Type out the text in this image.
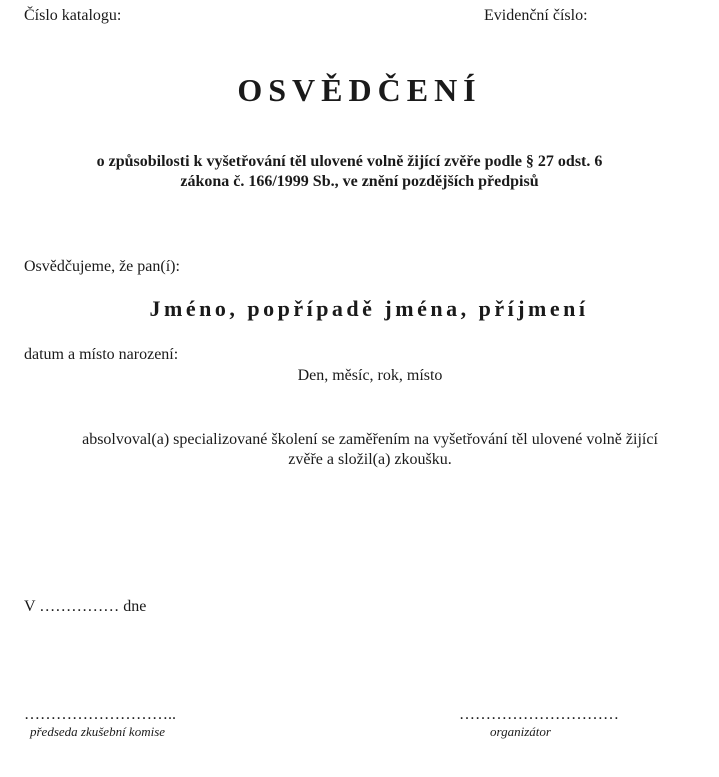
Číslo katalogu:	Evidenční číslo:
OSVĚDČENÍ
o způsobilosti k vyšetřování těl ulovené volně žijící zvěře podle § 27 odst. 6
zákona č. 166/1999 Sb., ve znění pozdějších předpisů
Osvědčujeme, že pan(í):
Jméno, popřípadě jména, příjmení
datum a místo narození:
Den, měsíc, rok, místo
absolvoval(a) specializované školení se zaměřením na vyšetřování těl ulovené volně žijící
zvěře a složil(a) zkoušku.
V …………… dne
………………………..	…………………………
předseda zkušební komise	organizátor
